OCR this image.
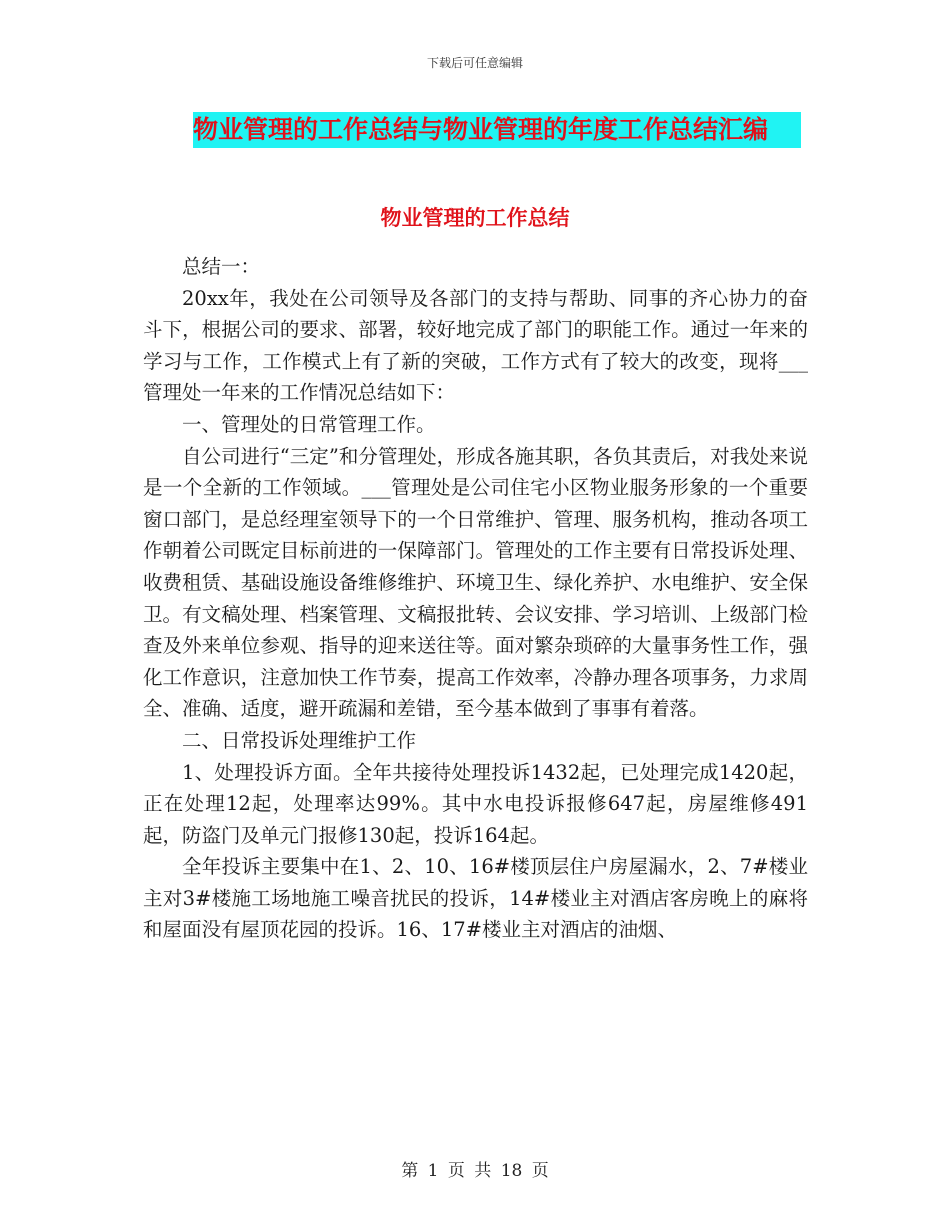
下载后可任意编辑
物业管理的工作总结与物业管理的年度工作总结汇编
物业管理的工作总结

总结一：

20xx年，我处在公司领导及各部门的支持与帮助、同事的齐心协力的奋斗下，根据公司的要求、部署，较好地完成了部门的职能工作。通过一年来的学习与工作，工作模式上有了新的突破，工作方式有了较大的改变，现将___管理处一年来的工作情况总结如下：

一、管理处的日常管理工作。

自公司进行“三定”和分管理处，形成各施其职，各负其责后，对我处来说是一个全新的工作领域。___管理处是公司住宅小区物业服务形象的一个重要窗口部门，是总经理室领导下的一个日常维护、管理、服务机构，推动各项工作朝着公司既定目标前进的一保障部门。管理处的工作主要有日常投诉处理、收费租赁、基础设施设备维修维护、环境卫生、绿化养护、水电维护、安全保卫。有文稿处理、档案管理、文稿报批转、会议安排、学习培训、上级部门检查及外来单位参观、指导的迎来送往等。面对繁杂琐碎的大量事务性工作，强化工作意识，注意加快工作节奏，提高工作效率，冷静办理各项事务，力求周全、准确、适度，避开疏漏和差错，至今基本做到了事事有着落。

二、日常投诉处理维护工作

1、处理投诉方面。全年共接待处理投诉1432起，已处理完成1420起，正在处理12起，处理率达99%。其中水电投诉报修647起，房屋维修491起，防盗门及单元门报修130起，投诉164起。

全年投诉主要集中在1、2、10、16#楼顶层住户房屋漏水，2、7#楼业主对3#楼施工场地施工噪音扰民的投诉，14#楼业主对酒店客房晚上的麻将和屋面没有屋顶花园的投诉。16、17#楼业主对酒店的油烟、

第 1 页 共 18 页
